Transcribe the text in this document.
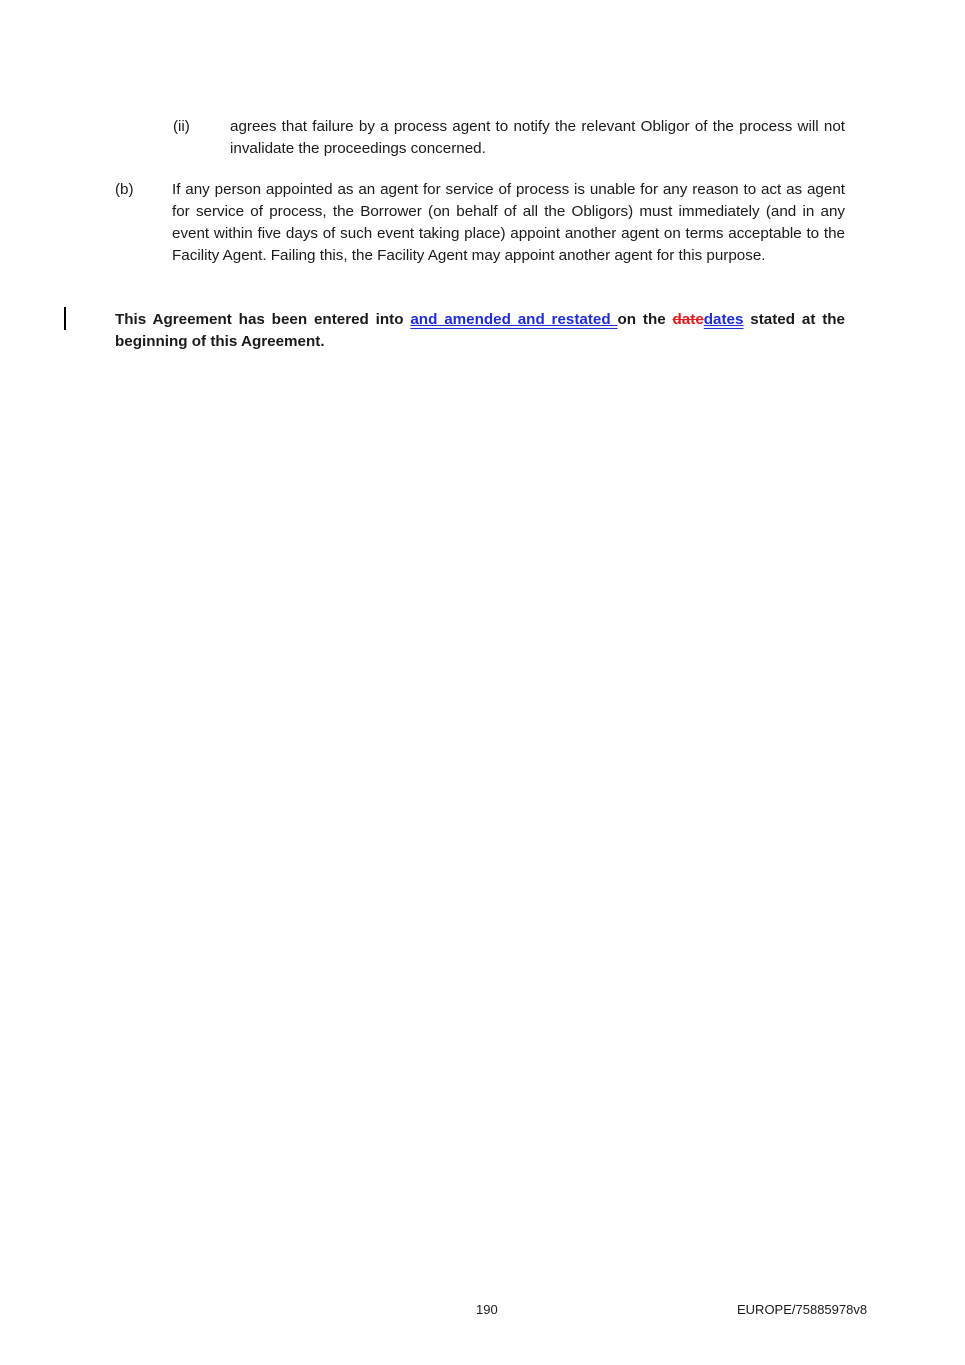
(ii)	agrees that failure by a process agent to notify the relevant Obligor of the process will not invalidate the proceedings concerned.
(b)	If any person appointed as an agent for service of process is unable for any reason to act as agent for service of process, the Borrower (on behalf of all the Obligors) must immediately (and in any event within five days of such event taking place) appoint another agent on terms acceptable to the Facility Agent. Failing this, the Facility Agent may appoint another agent for this purpose.
This Agreement has been entered into and amended and restated on the datedates stated at the beginning of this Agreement.
190	EUROPE/75885978v8
